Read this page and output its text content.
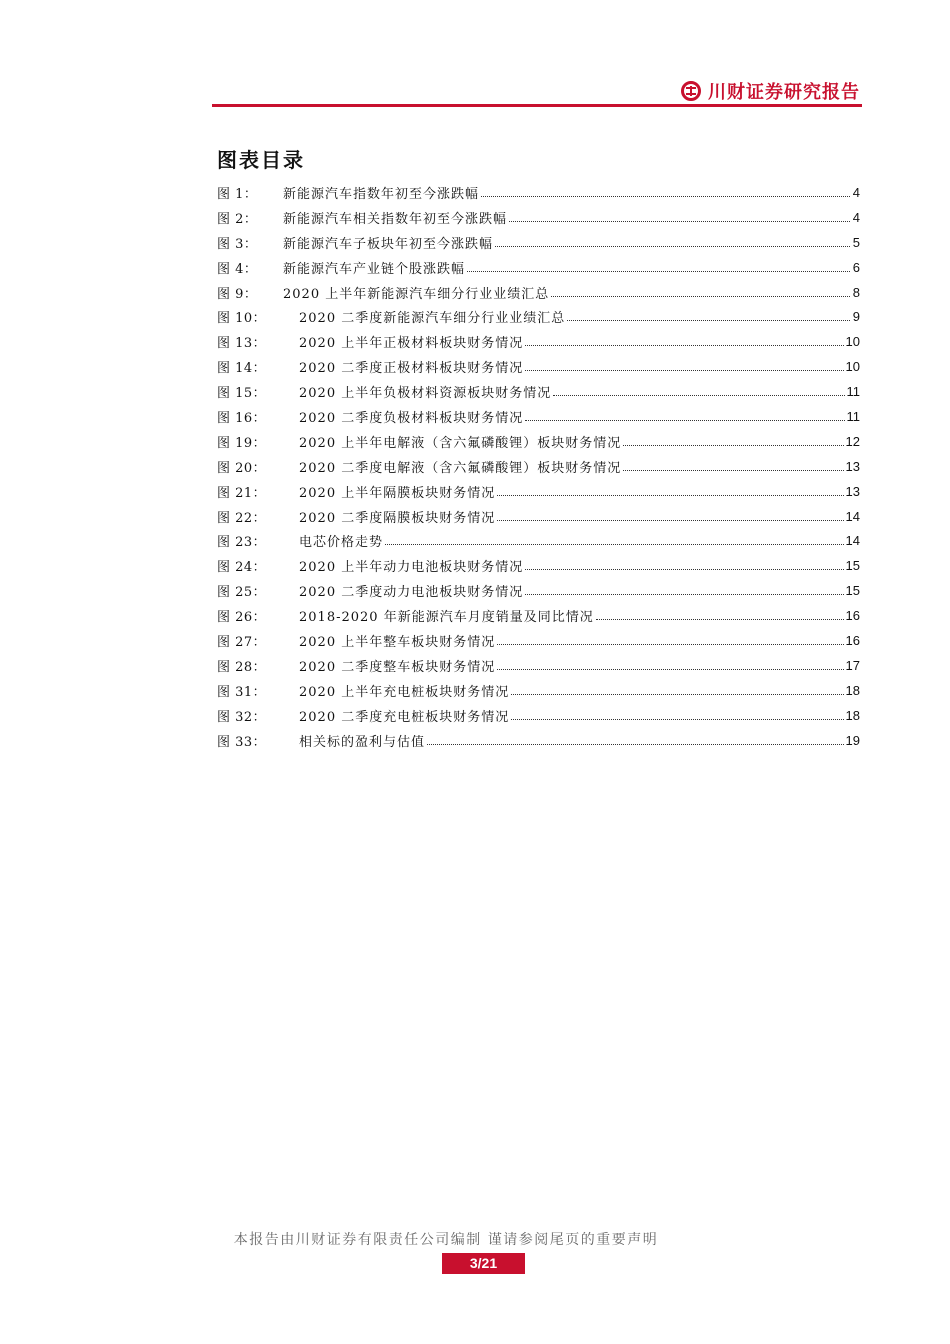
川财证券研究报告
图表目录
图 1：	新能源汽车指数年初至今涨跌幅	4
图 2：	新能源汽车相关指数年初至今涨跌幅	4
图 3：	新能源汽车子板块年初至今涨跌幅	5
图 4：	新能源汽车产业链个股涨跌幅	6
图 9：	2020 上半年新能源汽车细分行业业绩汇总	8
图 10：	2020 二季度新能源汽车细分行业业绩汇总	9
图 13：	2020 上半年正极材料板块财务情况	10
图 14：	2020 二季度正极材料板块财务情况	10
图 15：	2020 上半年负极材料资源板块财务情况	11
图 16：	2020 二季度负极材料板块财务情况	11
图 19：	2020 上半年电解液（含六氟磷酸锂）板块财务情况	12
图 20：	2020 二季度电解液（含六氟磷酸锂）板块财务情况	13
图 21：	2020 上半年隔膜板块财务情况	13
图 22：	2020 二季度隔膜板块财务情况	14
图 23：	电芯价格走势	14
图 24：	2020 上半年动力电池板块财务情况	15
图 25：	2020 二季度动力电池板块财务情况	15
图 26：	2018-2020 年新能源汽车月度销量及同比情况	16
图 27：	2020 上半年整车板块财务情况	16
图 28：	2020 二季度整车板块财务情况	17
图 31：	2020 上半年充电桩板块财务情况	18
图 32：	2020 二季度充电桩板块财务情况	18
图 33：	相关标的盈利与估值	19
本报告由川财证券有限责任公司编制 谨请参阅尾页的重要声明
3/21
